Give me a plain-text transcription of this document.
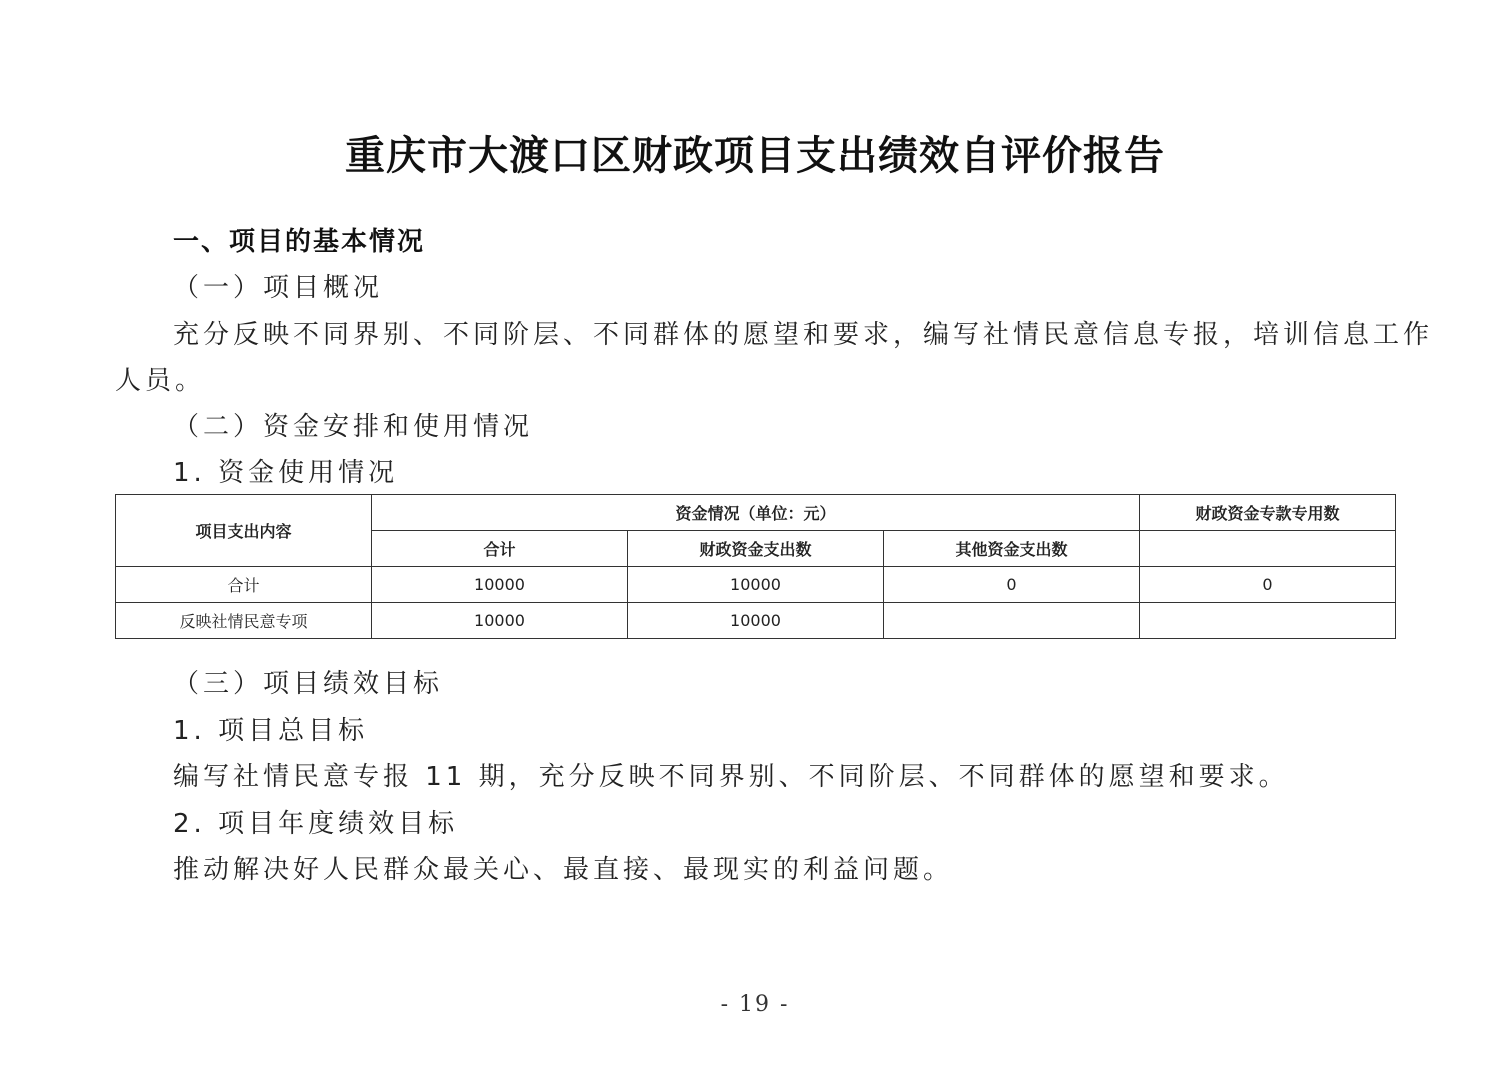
重庆市大渡口区财政项目支出绩效自评价报告
一、项目的基本情况
（一）项目概况
充分反映不同界别、不同阶层、不同群体的愿望和要求，编写社情民意信息专报，培训信息工作
人员。
（二）资金安排和使用情况
1. 资金使用情况
项目支出内容	资金情况（单位：元）			财政资金专款专用数
	合计	财政资金支出数	其他资金支出数	
合计	10000	10000	0	0
反映社情民意专项	10000	10000		
（三）项目绩效目标
1. 项目总目标
编写社情民意专报 11 期，充分反映不同界别、不同阶层、不同群体的愿望和要求。
2. 项目年度绩效目标
推动解决好人民群众最关心、最直接、最现实的利益问题。
- 19 -
